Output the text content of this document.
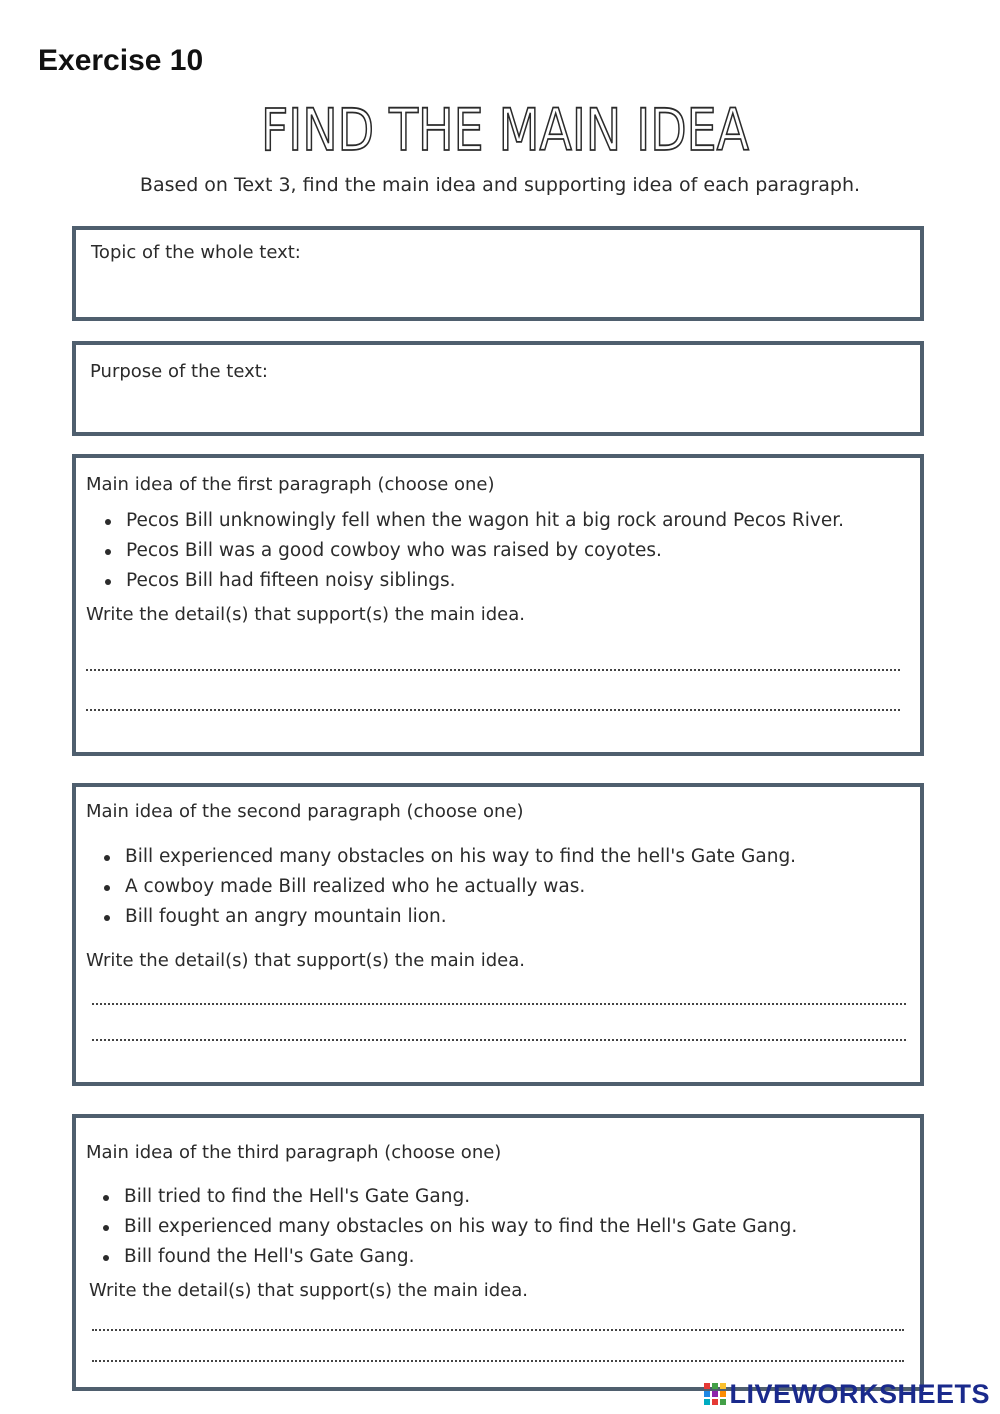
Exercise 10
FIND THE MAIN IDEA
Based on Text 3, find the main idea and supporting idea of each paragraph.
Topic of the whole text:
Purpose of the text:
Main idea of the first paragraph (choose one)
Pecos Bill unknowingly fell when the wagon hit a big rock around Pecos River.
Pecos Bill was a good cowboy who was raised by coyotes.
Pecos Bill had fifteen noisy siblings.
Write the detail(s) that support(s) the main idea.
Main idea of the second paragraph (choose one)
Bill experienced many obstacles on his way to find the hell's Gate Gang.
A cowboy made Bill realized who he actually was.
Bill fought an angry mountain lion.
Write the detail(s) that support(s) the main idea.
Main idea of the third paragraph (choose one)
Bill tried to find the Hell's Gate Gang.
Bill experienced many obstacles on his way to find the Hell's Gate Gang.
Bill found the Hell's Gate Gang.
Write the detail(s) that support(s) the main idea.
LIVEWORKSHEETS
